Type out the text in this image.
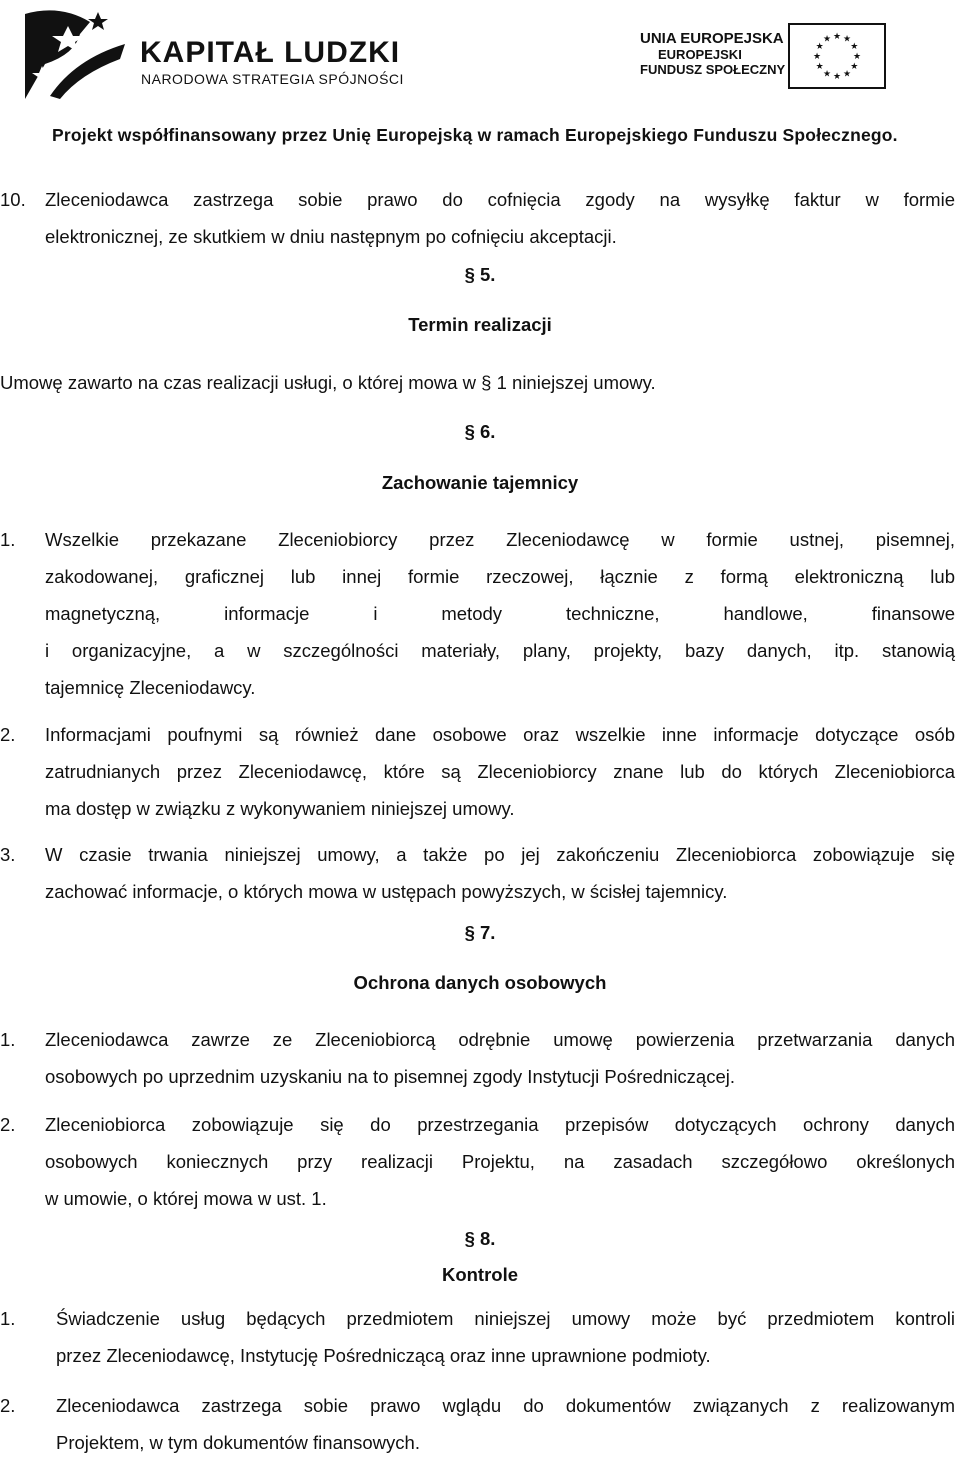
KAPITAŁ LUDZKI
NARODOWA STRATEGIA SPÓJNOŚCI
UNIA EUROPEJSKA
EUROPEJSKI
FUNDUSZ SPOŁECZNY
★ ★
★
★
★
★
★
★
★
★
★
★
Projekt współfinansowany przez Unię Europejską w ramach Europejskiego Funduszu Społecznego.
10. Zleceniodawca zastrzega sobie prawo do cofnięcia zgody na wysyłkę faktur w formie
elektronicznej, ze skutkiem w dniu następnym po cofnięciu akceptacji.
§ 5.
Termin realizacji
Umowę zawarto na czas realizacji usługi, o której mowa w § 1 niniejszej umowy.
§ 6.
Zachowanie tajemnicy
1. Wszelkie przekazane Zleceniobiorcy przez Zleceniodawcę w formie ustnej, pisemnej,
zakodowanej, graficznej lub innej formie rzeczowej, łącznie z formą elektroniczną lub
magnetyczną, informacje i metody techniczne, handlowe, finansowe
i organizacyjne, a w szczególności materiały, plany, projekty, bazy danych, itp. stanowią
tajemnicę Zleceniodawcy.
2. Informacjami poufnymi są również dane osobowe oraz wszelkie inne informacje dotyczące osób
zatrudnianych przez Zleceniodawcę, które są Zleceniobiorcy znane lub do których Zleceniobiorca
ma dostęp w związku z wykonywaniem niniejszej umowy.
3. W czasie trwania niniejszej umowy, a także po jej zakończeniu Zleceniobiorca zobowiązuje się
zachować informacje, o których mowa w ustępach powyższych, w ścisłej tajemnicy.
§ 7.
Ochrona danych osobowych
1. Zleceniodawca zawrze ze Zleceniobiorcą odrębnie umowę powierzenia przetwarzania danych
osobowych po uprzednim uzyskaniu na to pisemnej zgody Instytucji Pośredniczącej.
2. Zleceniobiorca zobowiązuje się do przestrzegania przepisów dotyczących ochrony danych
osobowych koniecznych przy realizacji Projektu, na zasadach szczegółowo określonych
w umowie, o której mowa w ust. 1.
§ 8.
Kontrole
1. Świadczenie usług będących przedmiotem niniejszej umowy może być przedmiotem kontroli
przez Zleceniodawcę, Instytucję Pośredniczącą oraz inne uprawnione podmioty.
2. Zleceniodawca zastrzega sobie prawo wglądu do dokumentów związanych z realizowanym
Projektem, w tym dokumentów finansowych.
